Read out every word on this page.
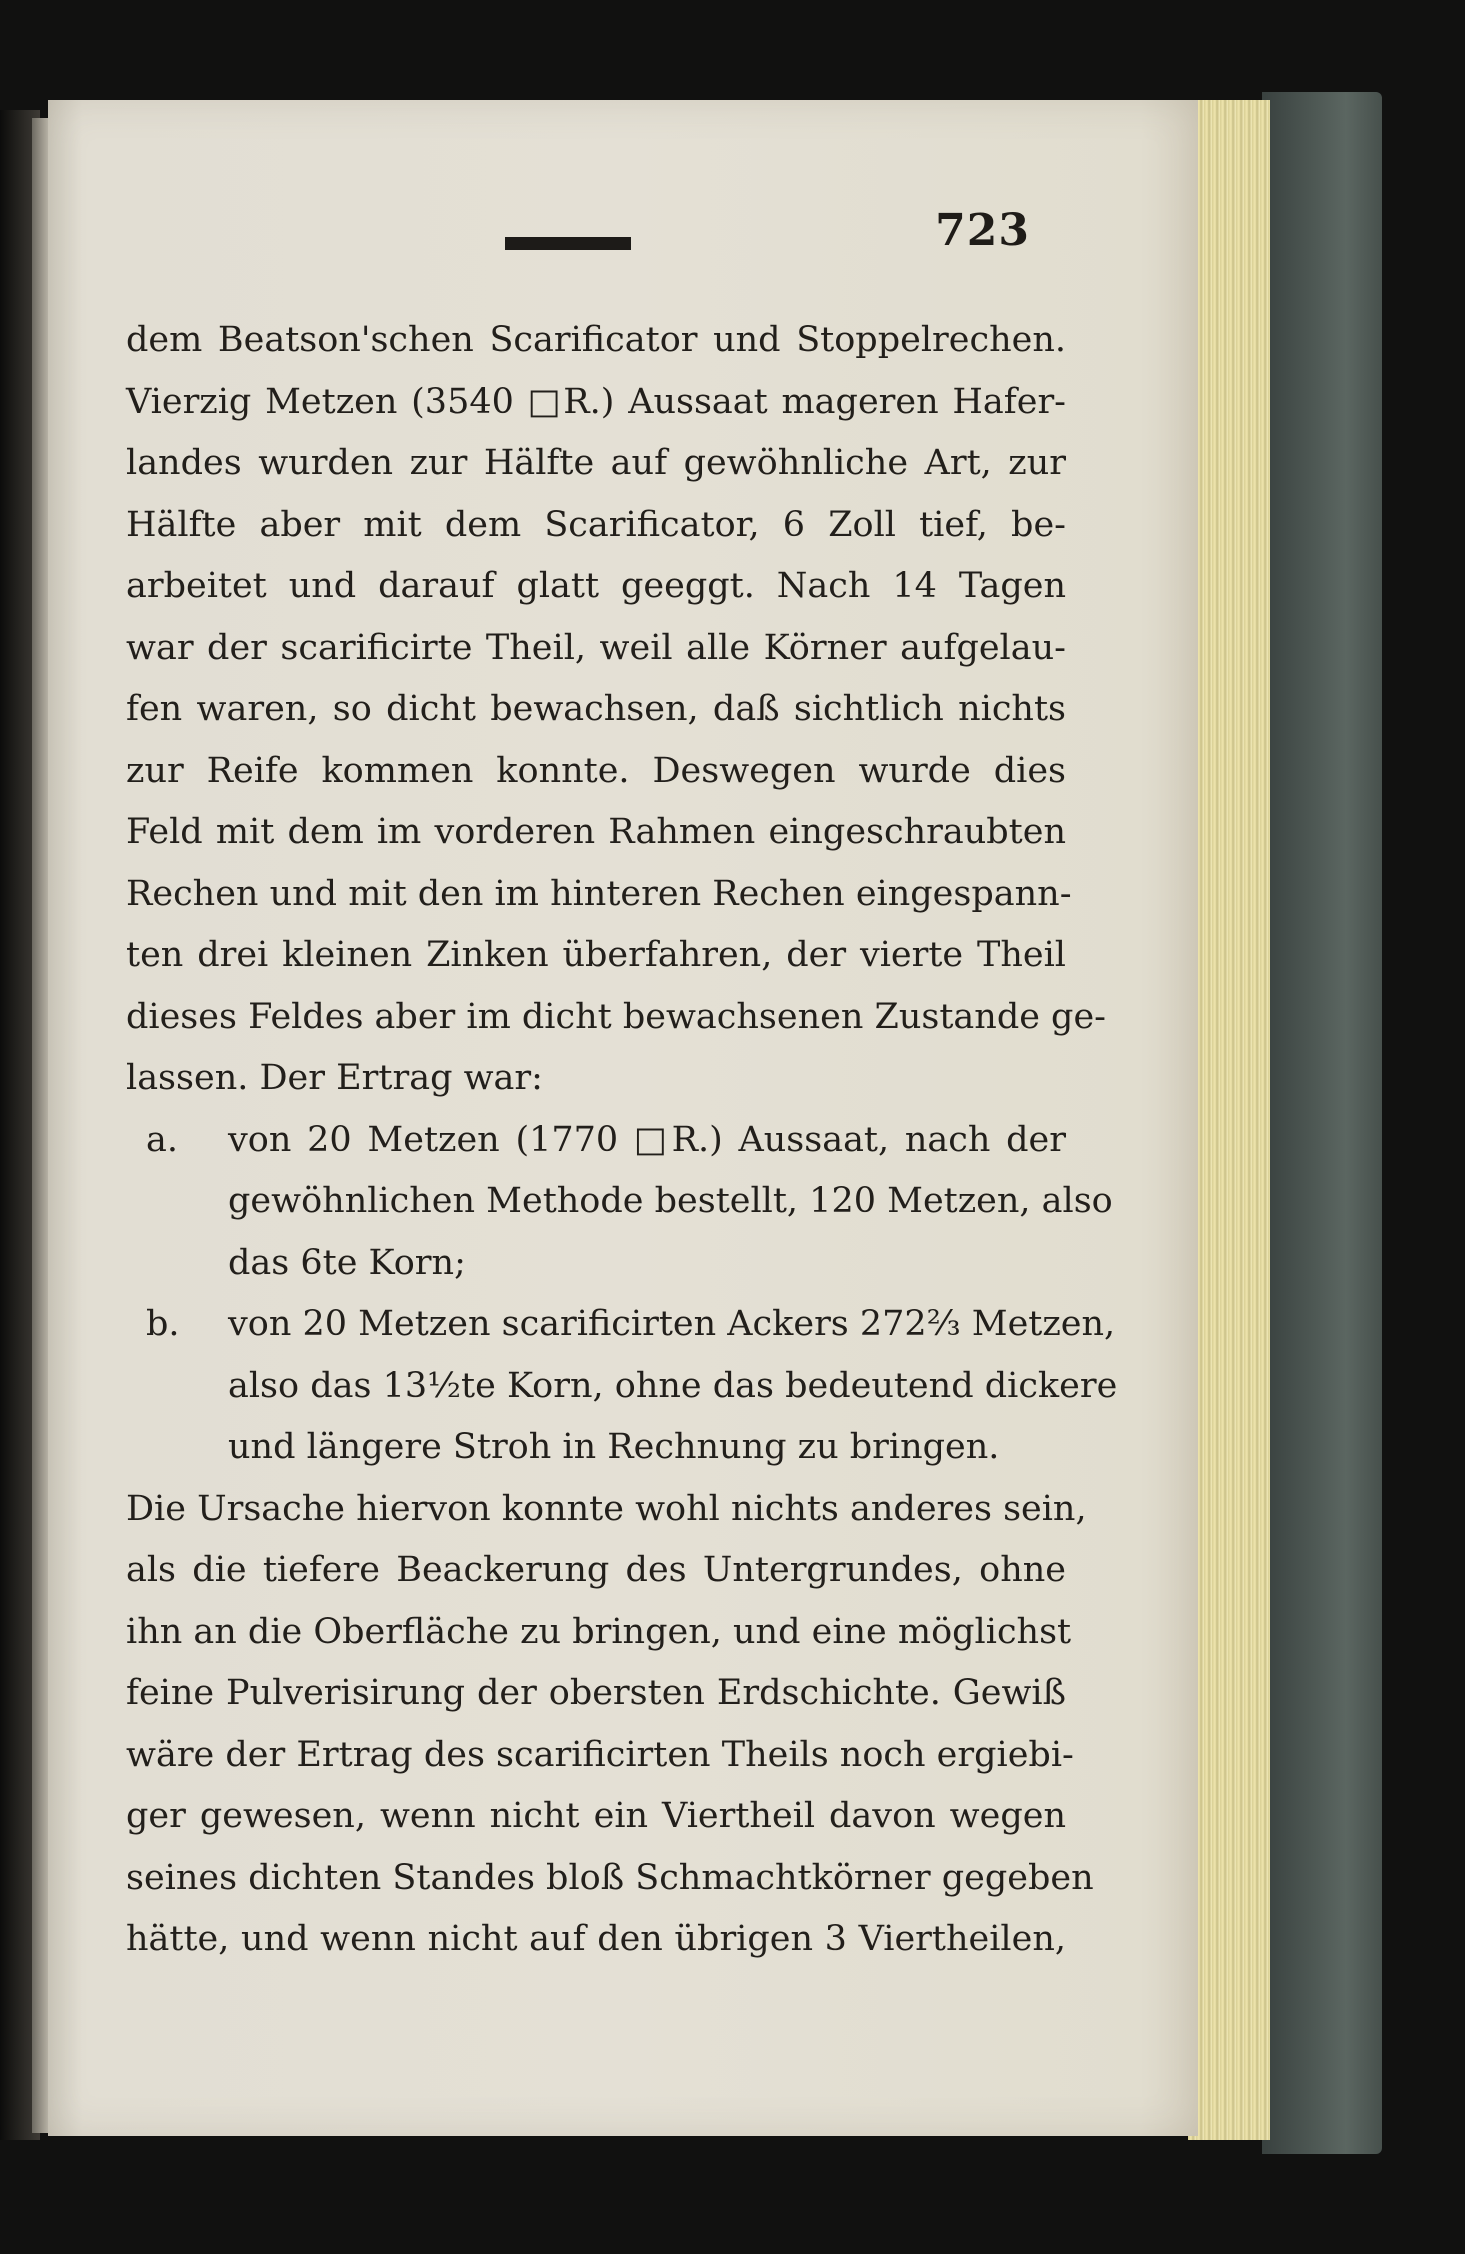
723
dem Beatson'schen Scarificator und Stoppelrechen.
Vierzig Metzen (3540 □R.) Aussaat mageren Hafer-
landes wurden zur Hälfte auf gewöhnliche Art, zur
Hälfte aber mit dem Scarificator, 6 Zoll tief, be-
arbeitet und darauf glatt geeggt. Nach 14 Tagen
war der scarificirte Theil, weil alle Körner aufgelau-
fen waren, so dicht bewachsen, daß sichtlich nichts
zur Reife kommen konnte. Deswegen wurde dies
Feld mit dem im vorderen Rahmen eingeschraubten
Rechen und mit den im hinteren Rechen eingespann-
ten drei kleinen Zinken überfahren, der vierte Theil
dieses Feldes aber im dicht bewachsenen Zustande ge-
lassen. Der Ertrag war:
a.	von 20 Metzen (1770 □R.) Aussaat, nach der
gewöhnlichen Methode bestellt, 120 Metzen, also
das 6te Korn;
b.	von 20 Metzen scarificirten Ackers 272⅔ Metzen,
also das 13½te Korn, ohne das bedeutend dickere
und längere Stroh in Rechnung zu bringen.
Die Ursache hiervon konnte wohl nichts anderes sein,
als die tiefere Beackerung des Untergrundes, ohne
ihn an die Oberfläche zu bringen, und eine möglichst
feine Pulverisirung der obersten Erdschichte. Gewiß
wäre der Ertrag des scarificirten Theils noch ergiebi-
ger gewesen, wenn nicht ein Viertheil davon wegen
seines dichten Standes bloß Schmachtkörner gegeben
hätte, und wenn nicht auf den übrigen 3 Viertheilen,
